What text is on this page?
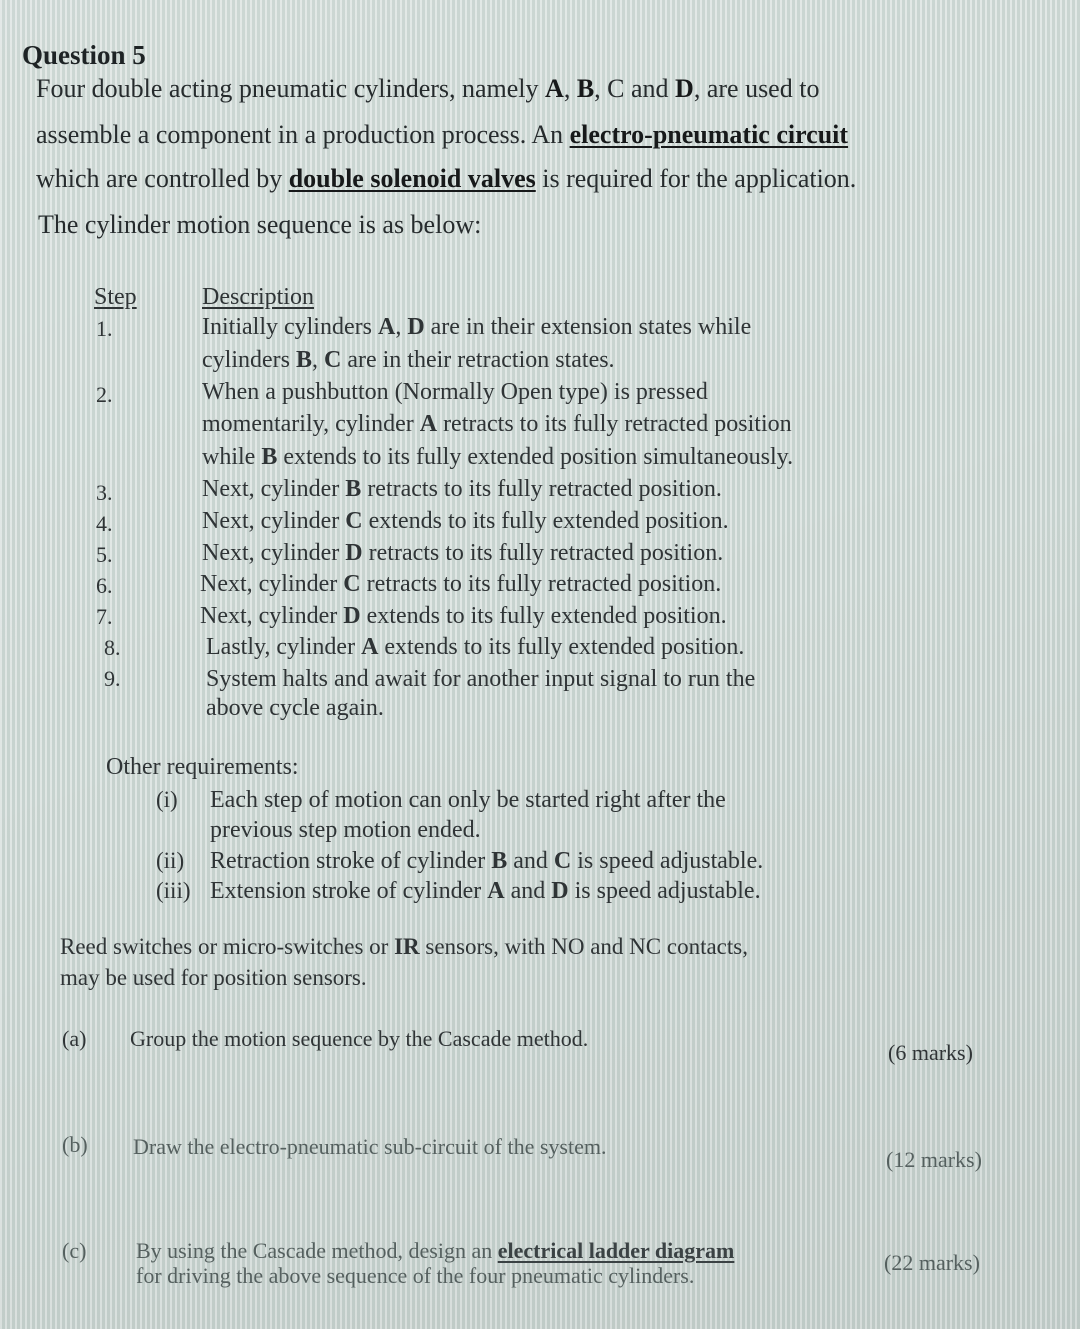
Question 5
Four double acting pneumatic cylinders, namely A, B, C and D, are used to
assemble a component in a production process. An electro-pneumatic circuit
which are controlled by double solenoid valves is required for the application.
The cylinder motion sequence is as below:
Step	Description
1.	Initially cylinders A, D are in their extension states while
cylinders B, C are in their retraction states.
2.	When a pushbutton (Normally Open type) is pressed
momentarily, cylinder A retracts to its fully retracted position
while B extends to its fully extended position simultaneously.
3.	Next, cylinder B retracts to its fully retracted position.
4.	Next, cylinder C extends to its fully extended position.
5.	Next, cylinder D retracts to its fully retracted position.
6.	Next, cylinder C retracts to its fully retracted position.
7.	Next, cylinder D extends to its fully extended position.
8.	Lastly, cylinder A extends to its fully extended position.
9.	System halts and await for another input signal to run the
above cycle again.
Other requirements:
(i) Each step of motion can only be started right after the
previous step motion ended.
(ii) Retraction stroke of cylinder B and C is speed adjustable.
(iii) Extension stroke of cylinder A and D is speed adjustable.
Reed switches or micro-switches or IR sensors, with NO and NC contacts,
may be used for position sensors.
(a) Group the motion sequence by the Cascade method.
(6 marks)
(b) Draw the electro-pneumatic sub-circuit of the system.
(12 marks)
(c) By using the Cascade method, design an electrical ladder diagram
for driving the above sequence of the four pneumatic cylinders.
(22 marks)
